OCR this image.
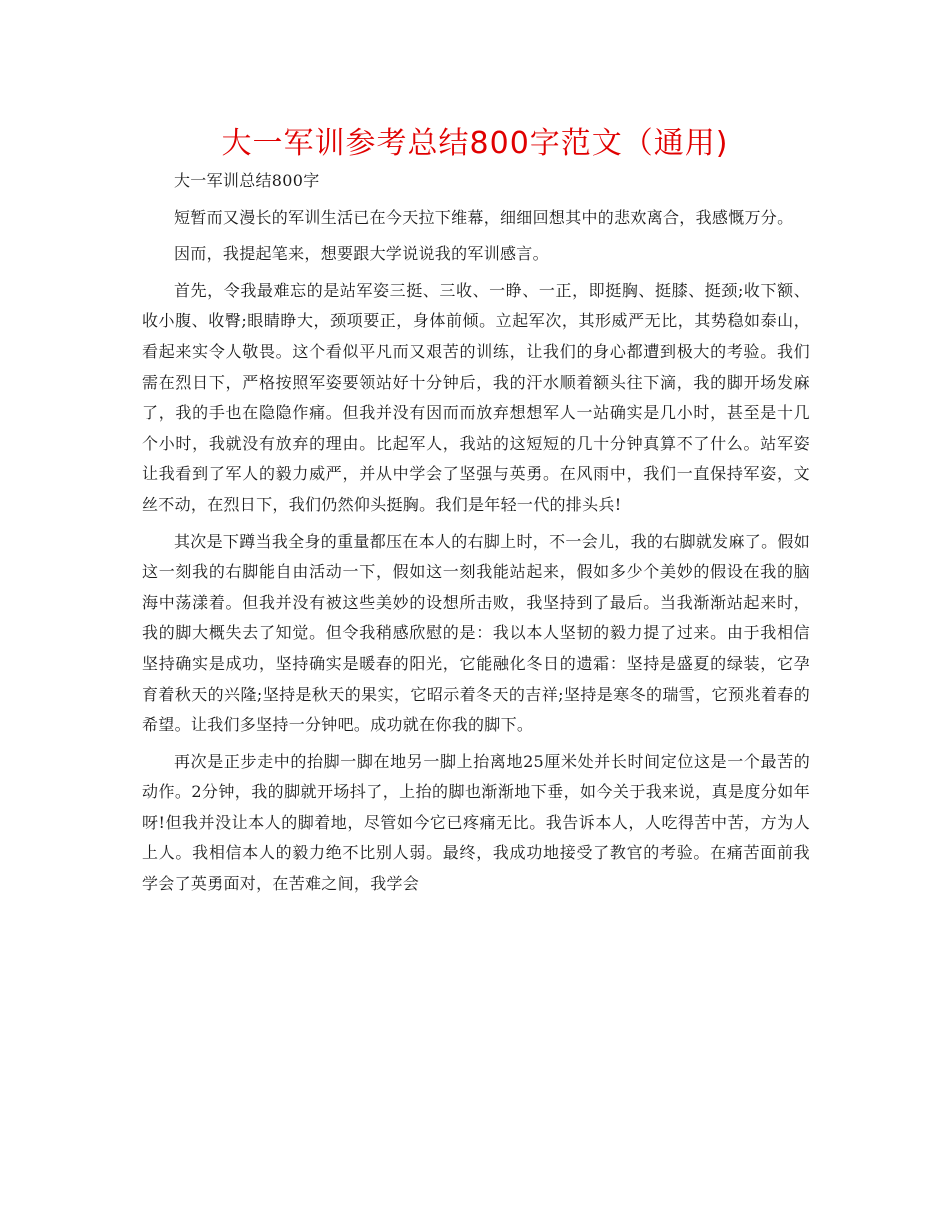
大一军训参考总结800字范文（通用)

大一军训总结800字

短暂而又漫长的军训生活已在今天拉下维幕，细细回想其中的悲欢离合，我感慨万分。

因而，我提起笔来，想要跟大学说说我的军训感言。

首先，令我最难忘的是站军姿三挺、三收、一睁、一正，即挺胸、挺膝、挺颈;收下额、收小腹、收臀;眼睛睁大，颈项要正，身体前倾。立起军次，其形威严无比，其势稳如泰山，看起来实令人敬畏。这个看似平凡而又艰苦的训练，让我们的身心都遭到极大的考验。我们需在烈日下，严格按照军姿要领站好十分钟后，我的汗水顺着额头往下滴，我的脚开场发麻了，我的手也在隐隐作痛。但我并没有因而而放弃想想军人一站确实是几小时，甚至是十几个小时，我就没有放弃的理由。比起军人，我站的这短短的几十分钟真算不了什么。站军姿让我看到了军人的毅力威严，并从中学会了坚强与英勇。在风雨中，我们一直保持军姿，文丝不动，在烈日下，我们仍然仰头挺胸。我们是年轻一代的排头兵!

其次是下蹲当我全身的重量都压在本人的右脚上时，不一会儿，我的右脚就发麻了。假如这一刻我的右脚能自由活动一下，假如这一刻我能站起来，假如多少个美妙的假设在我的脑海中荡漾着。但我并没有被这些美妙的设想所击败，我坚持到了最后。当我渐渐站起来时，我的脚大概失去了知觉。但令我稍感欣慰的是：我以本人坚韧的毅力提了过来。由于我相信坚持确实是成功，坚持确实是暖春的阳光，它能融化冬日的遗霜：坚持是盛夏的绿装，它孕育着秋天的兴隆;坚持是秋天的果实，它昭示着冬天的吉祥;坚持是寒冬的瑞雪，它预兆着春的希望。让我们多坚持一分钟吧。成功就在你我的脚下。

再次是正步走中的抬脚一脚在地另一脚上抬离地25厘米处并长时间定位这是一个最苦的动作。2分钟，我的脚就开场抖了，上抬的脚也渐渐地下垂，如今关于我来说，真是度分如年呀!但我并没让本人的脚着地，尽管如今它已疼痛无比。我告诉本人，人吃得苦中苦，方为人上人。我相信本人的毅力绝不比别人弱。最终，我成功地接受了教官的考验。在痛苦面前我学会了英勇面对，在苦难之间，我学会
